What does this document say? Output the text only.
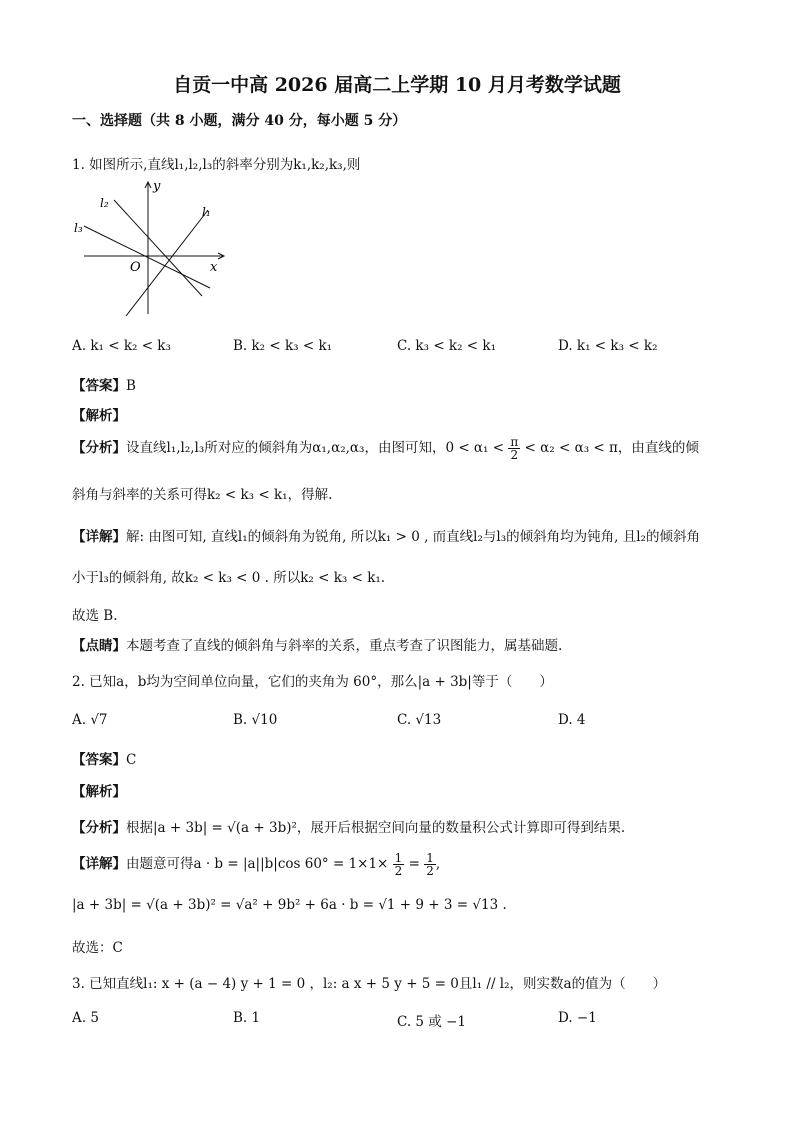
自贡一中高 2026 届高二上学期 10 月月考数学试题
一、选择题（共 8 小题，满分 40 分，每小题 5 分）
1. 如图所示,直线l₁,l₂,l₃的斜率分别为k₁,k₂,k₃,则
y
x
O
l₁
l₂
l₃
A. k₁ < k₂ < k₃	B. k₂ < k₃ < k₁	C. k₃ < k₂ < k₁	D. k₁ < k₃ < k₂
【答案】B
【解析】
【分析】设直线l₁,l₂,l₃所对应的倾斜角为α₁,α₂,α₃，由图可知，$0 < \alpha_1 < \frac{\pi}{2} < \alpha_2 < \alpha_3 < \pi$，由直线的倾
斜角与斜率的关系可得k₂ < k₃ < k₁，得解.
【详解】解: 由图可知, 直线l₁的倾斜角为锐角, 所以k₁ > 0 , 而直线l₂与l₃的倾斜角均为钝角, 且l₂的倾斜角
小于l₃的倾斜角, 故k₂ < k₃ < 0 . 所以k₂ < k₃ < k₁.
故选 B.
【点睛】本题考查了直线的倾斜角与斜率的关系，重点考查了识图能力，属基础题.
2. 已知a，b均为空间单位向量，它们的夹角为 60°，那么|a + 3b|等于（　　）
A. √7	B. √10	C. √13	D. 4
【答案】C
【解析】
【分析】根据|a + 3b| = √(a + 3b)²，展开后根据空间向量的数量积公式计算即可得到结果.
【详解】由题意可得a · b = |a||b|cos $60^\circ = 1\times 1\times \frac{1}{2} = \frac{1}{2}$ ,
|a + 3b| = √(a + 3b)² = √a² + 9b² + 6a · b = √1 + 9 + 3 = √13 .
故选：C
3. 已知直线l₁: x + (a − 4) y + 1 = 0 ，l₂: a x + 5 y + 5 = 0且l₁ // l₂，则实数a的值为（　　）
A. 5	B. 1	C. 5 或 −1	D. −1
